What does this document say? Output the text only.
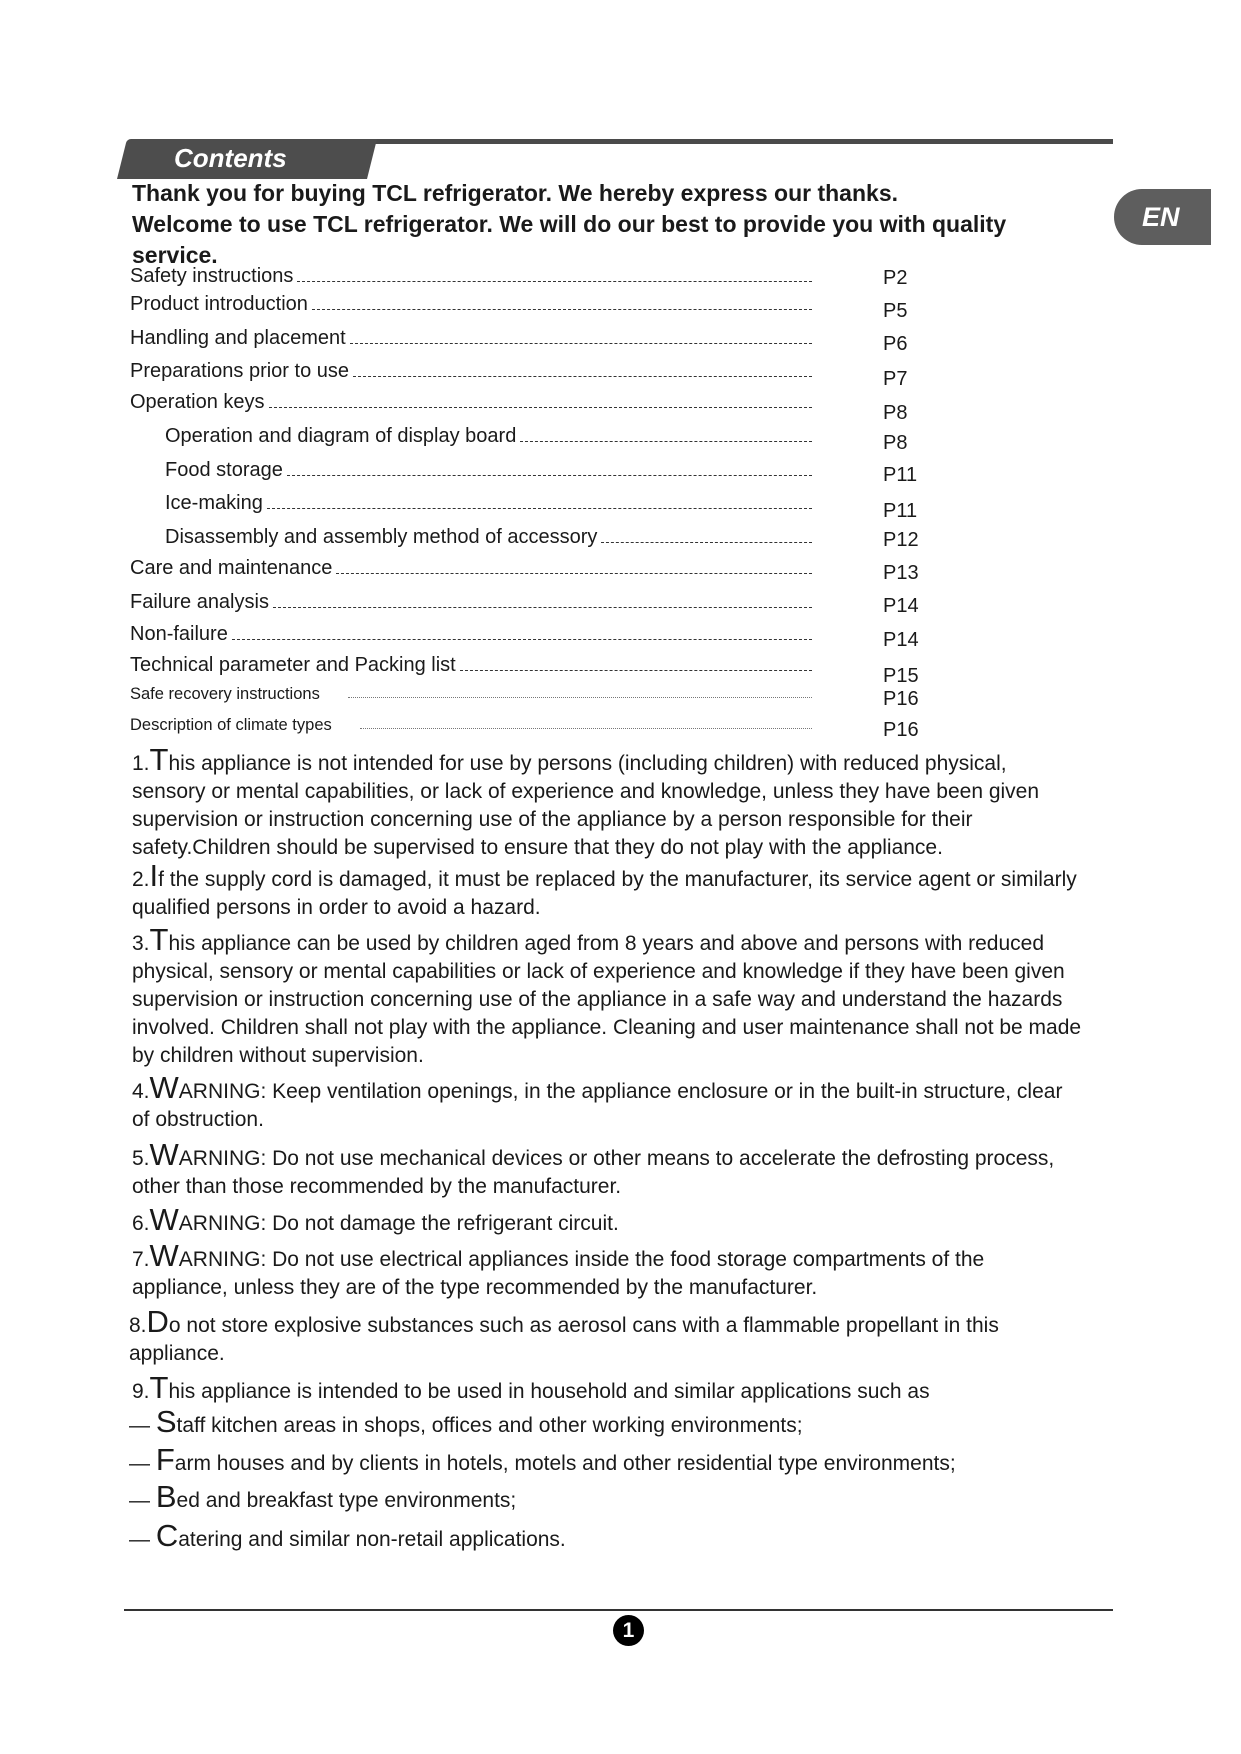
Contents
EN
Thank you for buying TCL refrigerator. We hereby express our thanks.
Welcome to use TCL refrigerator. We will do our best to provide you with quality
service.
Safety instructions	P2
Product introduction	P5
Handling and placement	P6
Preparations prior to use	P7
Operation keys	P8
Operation and diagram of display board	P8
Food storage	P11
Ice-making	P11
Disassembly and assembly method of accessory	P12
Care and maintenance	P13
Failure analysis	P14
Non-failure	P14
Technical parameter and Packing list	P15
Safe recovery instructions	P16
Description of climate types	P16
1.This appliance is not intended for use by persons (including children) with reduced physical, sensory or mental capabilities, or lack of experience and knowledge, unless they have been given supervision or instruction concerning use of the appliance by a person responsible for their safety.Children should be supervised to ensure that they do not play with the appliance.
2.If the supply cord is damaged, it must be replaced by the manufacturer, its service agent or similarly qualified persons in order to avoid a hazard.
3.This appliance can be used by children aged from 8 years and above and persons with reduced physical, sensory or mental capabilities or lack of experience and knowledge if they have been given supervision or instruction concerning use of the appliance in a safe way and understand the hazards involved. Children shall not play with the appliance. Cleaning and user maintenance shall not be made by children without supervision.
4.WARNING: Keep ventilation openings, in the appliance enclosure or in the built-in structure, clear of obstruction.
5.WARNING: Do not use mechanical devices or other means to accelerate the defrosting process, other than those recommended by the manufacturer.
6.WARNING: Do not damage the refrigerant circuit.
7.WARNING: Do not use electrical appliances inside the food storage compartments of the appliance, unless they are of the type recommended by the manufacturer.
8.Do not store explosive substances such as aerosol cans with a flammable propellant in this appliance.
9.This appliance is intended to be used in household and similar applications such as
— Staff kitchen areas in shops, offices and other working environments;
— Farm houses and by clients in hotels, motels and other residential type environments;
— Bed and breakfast type environments;
— Catering and similar non-retail applications.
1
